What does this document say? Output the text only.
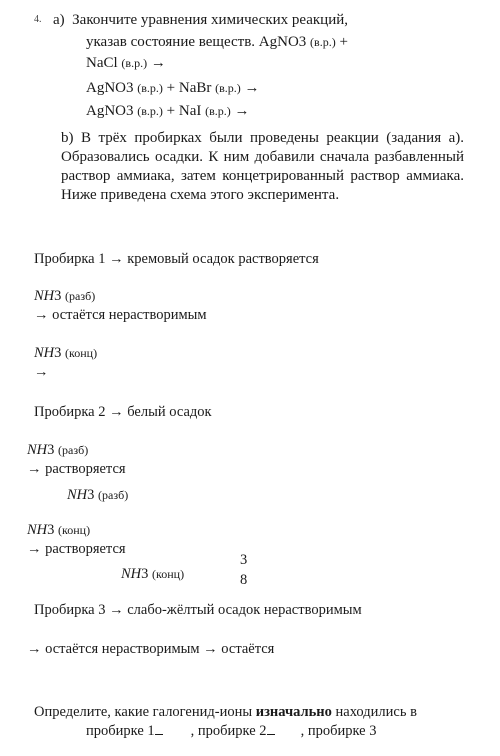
4. a) Закончите уравнения химических реакций,
указав состояние веществ. AgNO3 (в.р.) +
NaCl (в.р.) →
AgNO3 (в.р.) + NaBr (в.р.) →
AgNO3 (в.р.) + NaI (в.р.) →
b) В трёх пробирках были проведены реакции (задания а). Образовались осадки. К ним добавили сначала разбавленный раствор аммиака, затем концетрированный раствор аммиака. Ниже приведена схема этого эксперимента.
Пробирка 1 → кремовый осадок растворяется
NH3 (разб)
→ остаётся нерастворимым
NH3 (конц)
→
Пробирка 2 → белый осадок
NH3 (разб)
→ растворяется
NH3 (разб)
NH3 (конц)
→ растворяется
NH3 (конц)
3
8
Пробирка 3 → слабо-жёлтый осадок нерастворимым
→ остаётся нерастворимым → остаётся
Определите, какие галогенид-ионы изначально находились в
пробирке 1 , пробирке 2 , пробирке 3
